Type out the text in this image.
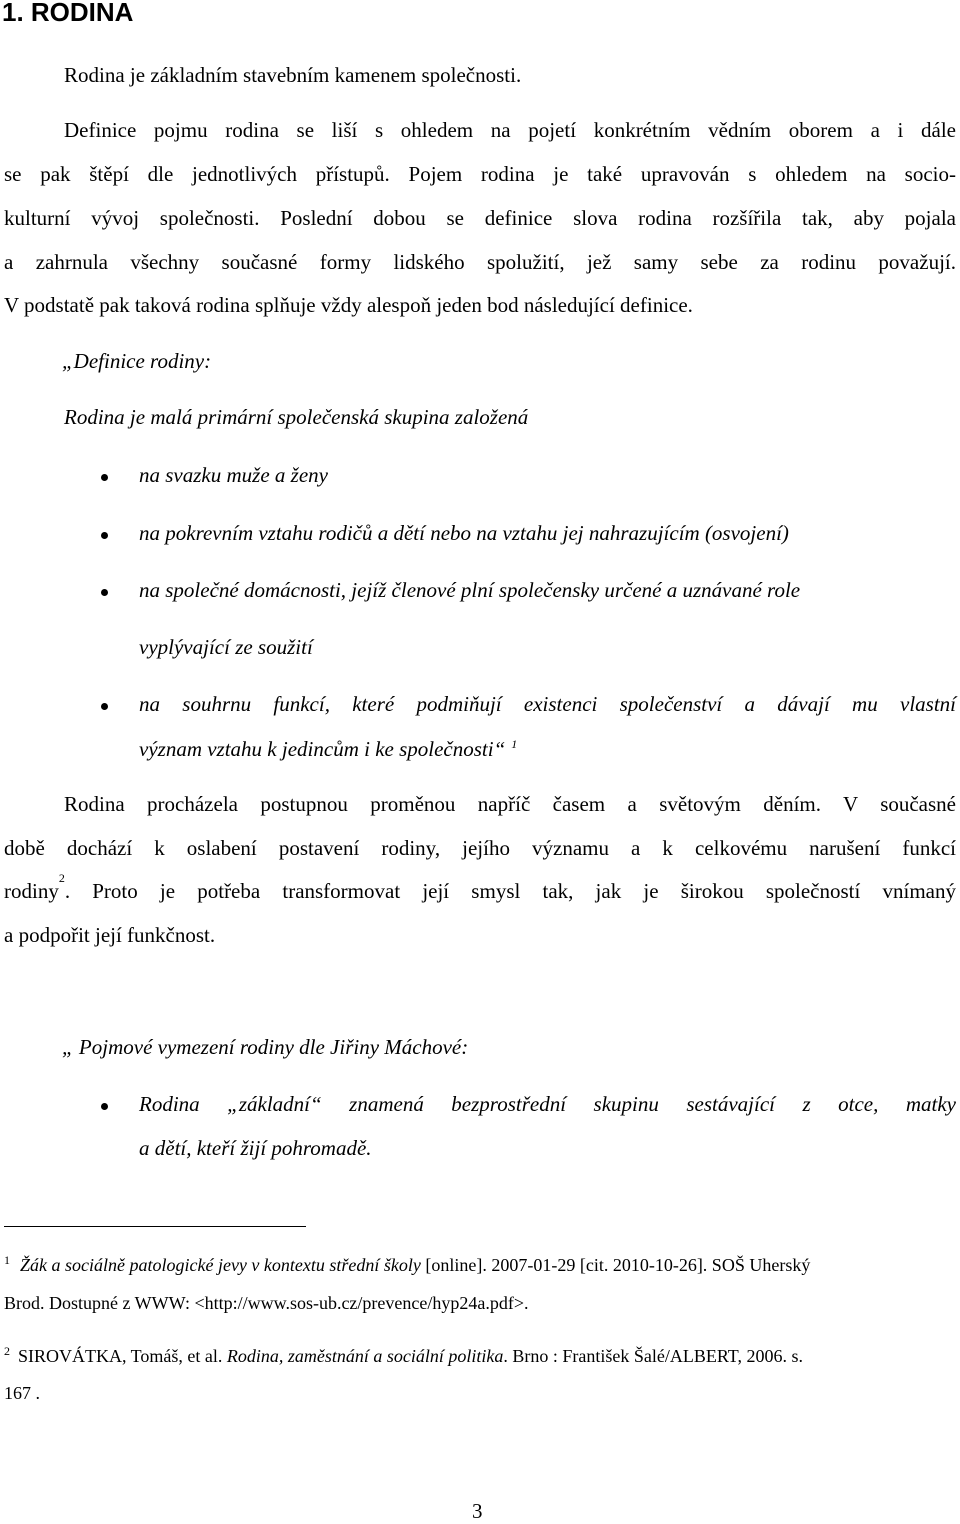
1. RODINA
Rodina je základním stavebním kamenem společnosti.
Definice pojmu rodina se liší s ohledem na pojetí konkrétním vědním oborem a i dále
se pak štěpí dle jednotlivých přístupů. Pojem rodina je také upravován s ohledem na socio-
kulturní vývoj společnosti. Poslední dobou se definice slova rodina rozšířila tak, aby pojala
a zahrnula všechny současné formy lidského spolužití, jež samy sebe za rodinu považují.
V podstatě pak taková rodina splňuje vždy alespoň jeden bod následující definice.
„Definice rodiny:
Rodina je malá primární společenská skupina založená
na svazku muže a ženy
na pokrevním vztahu rodičů a dětí nebo na vztahu jej nahrazujícím (osvojení)
na společné domácnosti, jejíž členové plní společensky určené a uznávané role
vyplývající ze soužití
na souhrnu funkcí, které podmiňují existenci společenství a dávají mu vlastní
význam vztahu k jedincům i ke společnosti“ $^1$
Rodina procházela postupnou proměnou napříč časem a světovým děním. V současné
době dochází k oslabení postavení rodiny, jejího významu a k celkovému narušení funkcí
rodiny
2
. Proto je potřeba transformovat její smysl tak, jak je širokou společností vnímaný
a podpořit její funkčnost.
„ Pojmové vymezení rodiny dle Jiřiny Máchové:
Rodina „základní“ znamená bezprostřední skupinu sestávající z otce, matky
a dětí, kteří žijí pohromadě.
$^1$ Žák a sociálně patologické jevy v kontextu střední školy [online]. 2007-01-29 [cit. 2010-10-26]. SOŠ Uherský
Brod. Dostupné z WWW: <http://www.sos-ub.cz/prevence/hyp24a.pdf>.
$^2$ SIROVÁTKA, Tomáš, et al. Rodina, zaměstnání a sociální politika. Brno : František Šalé/ALBERT, 2006. s.
167 .
3
